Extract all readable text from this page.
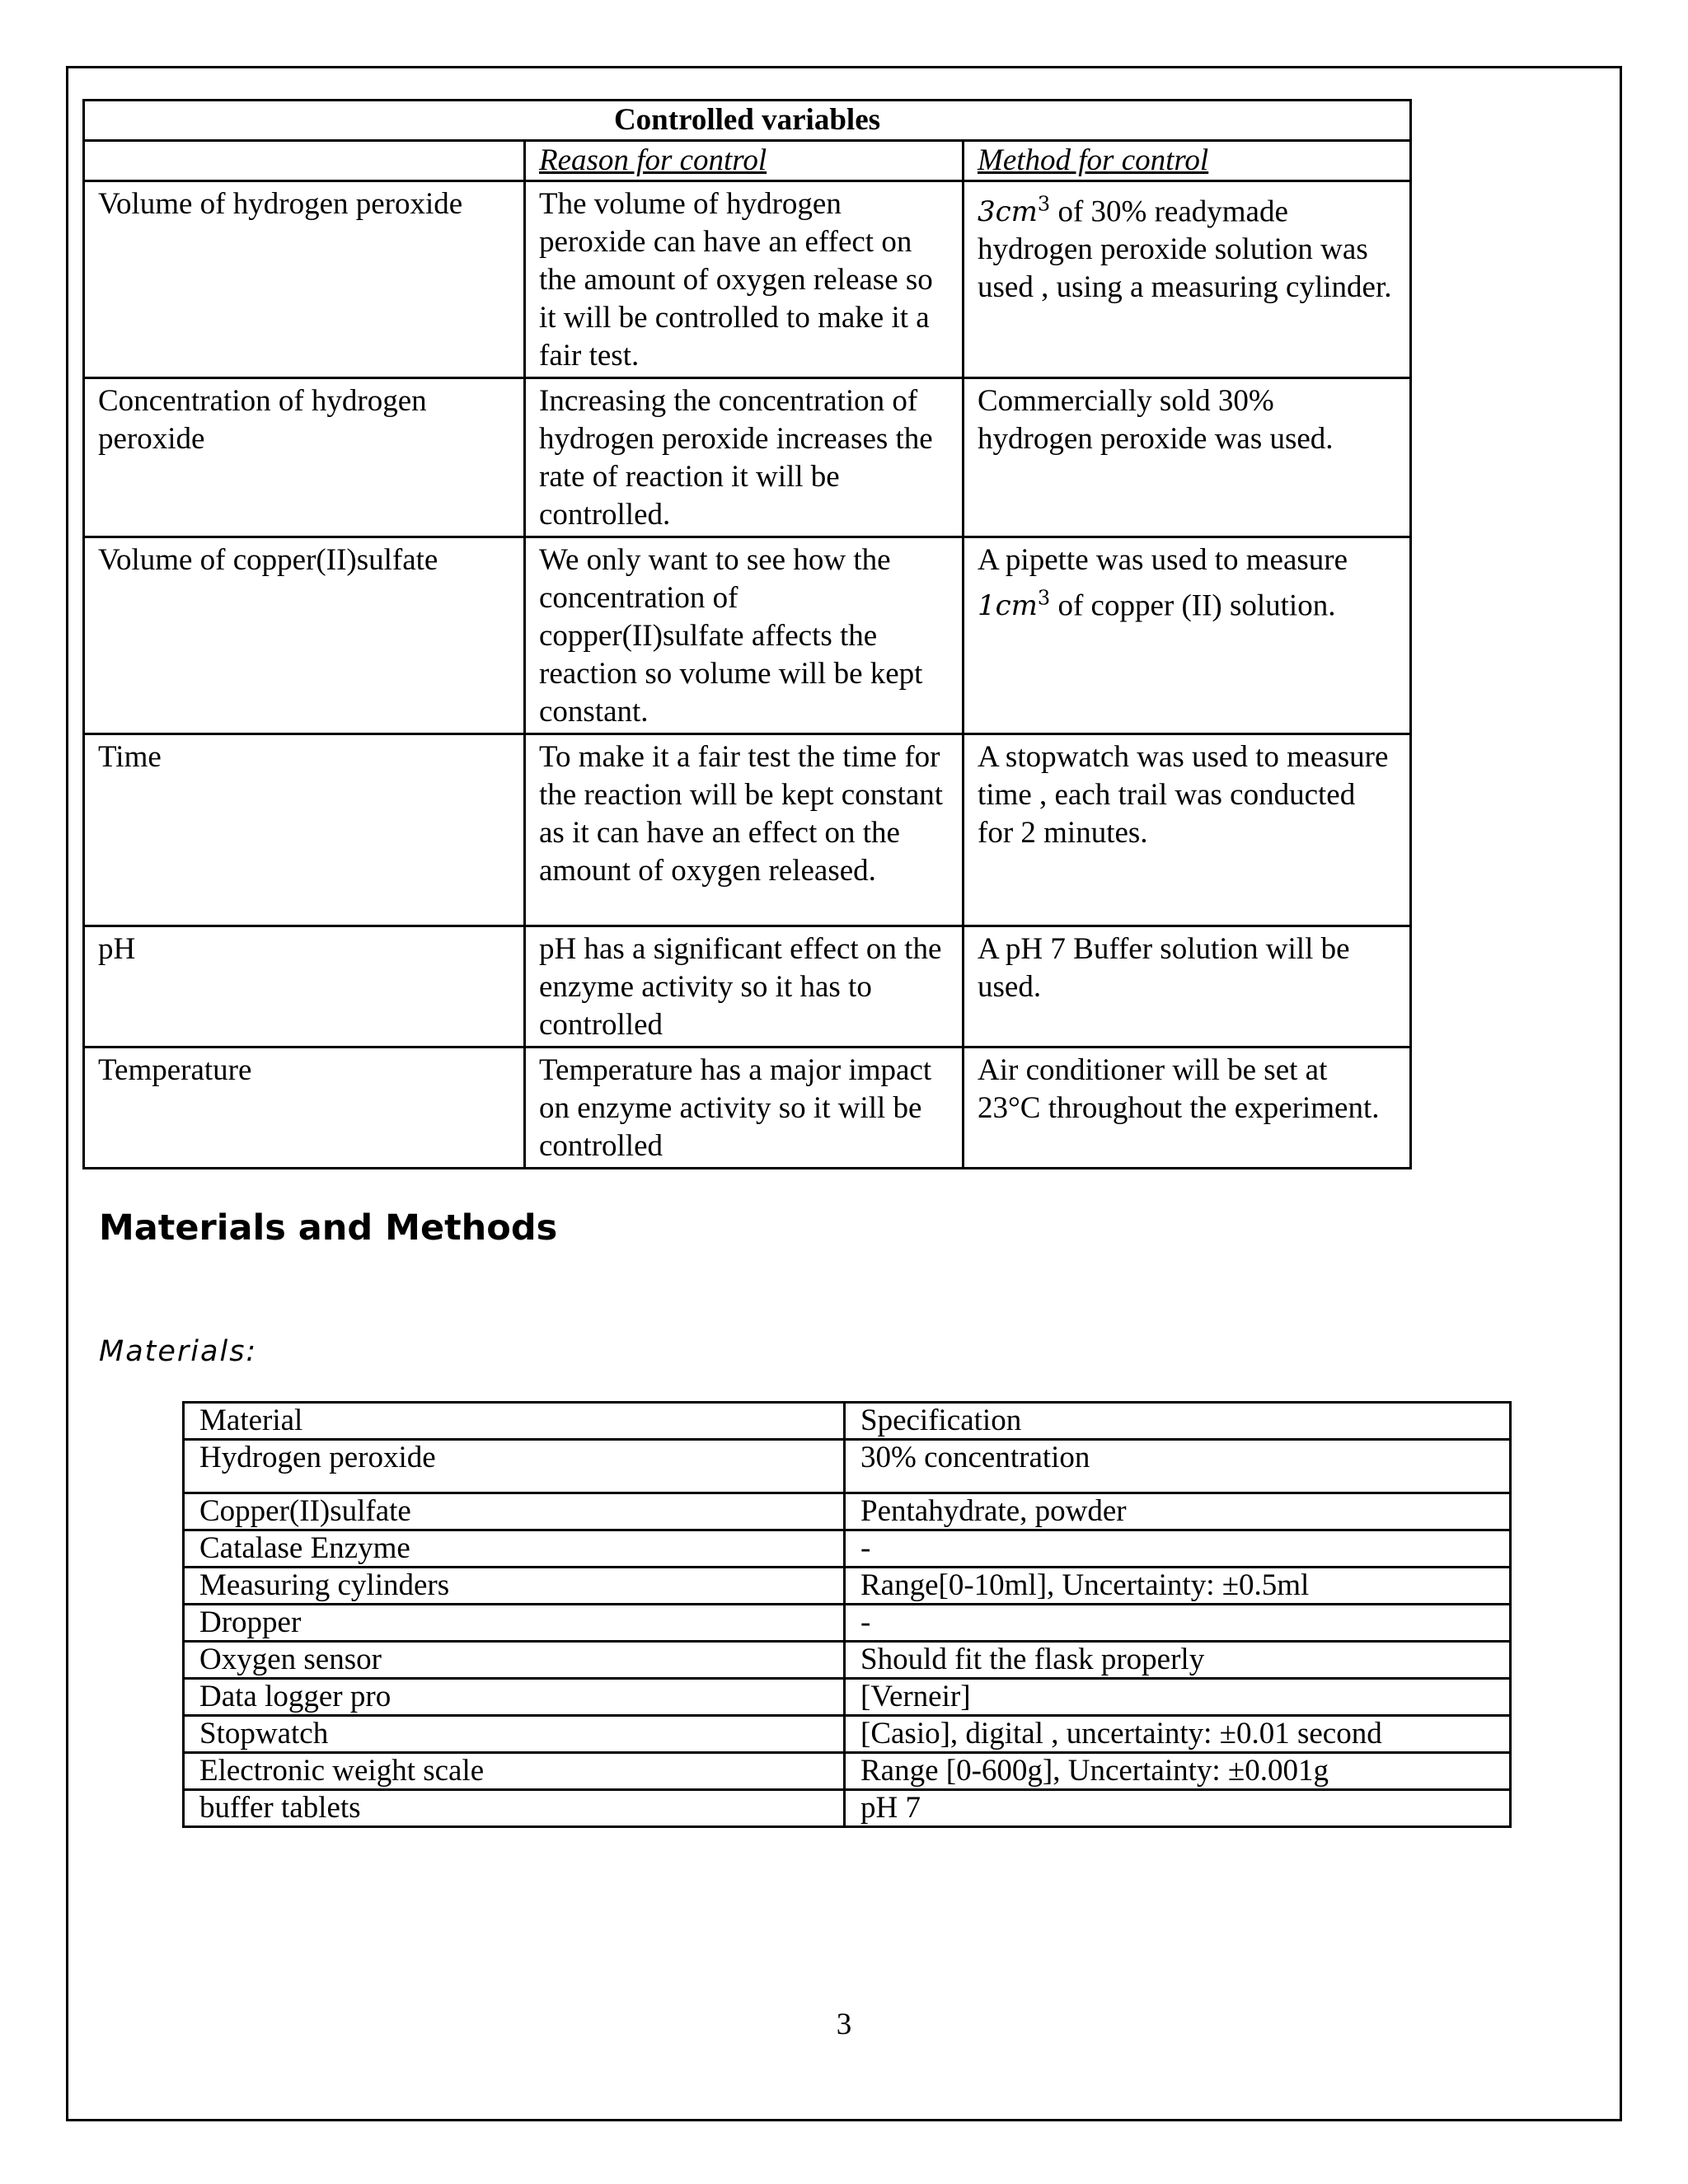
Controlled variables		
	Reason for control	Method for control
Volume of hydrogen peroxide	The volume of hydrogen peroxide can have an effect on the amount of oxygen release so it will be controlled to make it a fair test.	$3cm^3$ of 30% readymade hydrogen peroxide solution was used , using a measuring cylinder.
Concentration of hydrogen peroxide	Increasing the concentration of hydrogen peroxide increases the rate of reaction it will be controlled.	Commercially sold 30% hydrogen peroxide was used.
Volume of copper(II)sulfate	We only want to see how the concentration of copper(II)sulfate affects the reaction so volume will be kept constant.	A pipette was used to measure $1cm^3$ of copper (II) solution.
Time	To make it a fair test the time for the reaction will be kept constant as it can have an effect on the amount of oxygen released.	A stopwatch was used to measure time , each trail was conducted for 2 minutes.
pH	pH has a significant effect on the enzyme activity so it has to controlled	A pH 7 Buffer solution will be used.
Temperature	Temperature has a major impact on enzyme activity so it will be controlled	Air conditioner will be set at 23°C throughout the experiment.
Materials and Methods
Materials:
Material	Specification
Hydrogen peroxide	30% concentration
Copper(II)sulfate	Pentahydrate, powder
Catalase Enzyme	-
Measuring cylinders	Range[0-10ml], Uncertainty: ±0.5ml
Dropper	-
Oxygen sensor	Should fit the flask properly
Data logger pro	[Verneir]
Stopwatch	[Casio], digital , uncertainty: ±0.01 second
Electronic weight scale	Range [0-600g], Uncertainty: ±0.001g
buffer tablets	pH 7
3
